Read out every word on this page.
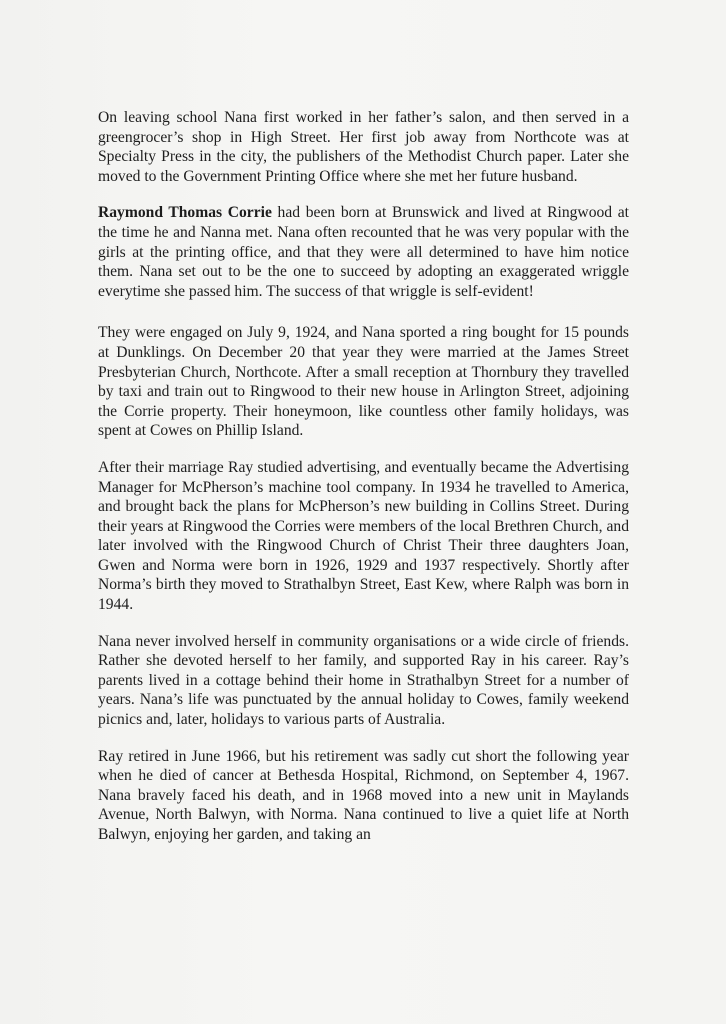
On leaving school Nana first worked in her father’s salon, and then served in a greengrocer’s shop in High Street. Her first job away from Northcote was at Specialty Press in the city, the publishers of the Methodist Church paper. Later she moved to the Government Printing Office where she met her future husband.

Raymond Thomas Corrie had been born at Brunswick and lived at Ringwood at the time he and Nanna met. Nana often recounted that he was very popular with the girls at the printing office, and that they were all determined to have him notice them. Nana set out to be the one to succeed by adopting an exaggerated wriggle everytime she passed him. The success of that wriggle is self-evident!

They were engaged on July 9, 1924, and Nana sported a ring bought for 15 pounds at Dunklings. On December 20 that year they were married at the James Street Presbyterian Church, Northcote. After a small reception at Thornbury they travelled by taxi and train out to Ringwood to their new house in Arlington Street, adjoining the Corrie property. Their honeymoon, like countless other family holidays, was spent at Cowes on Phillip Island.

After their marriage Ray studied advertising, and eventually became the Advertising Manager for McPherson’s machine tool company. In 1934 he travelled to America, and brought back the plans for McPherson’s new building in Collins Street. During their years at Ringwood the Corries were members of the local Brethren Church, and later involved with the Ringwood Church of Christ Their three daughters Joan, Gwen and Norma were born in 1926, 1929 and 1937 respectively. Shortly after Norma’s birth they moved to Strathalbyn Street, East Kew, where Ralph was born in 1944.

Nana never involved herself in community organisations or a wide circle of friends. Rather she devoted herself to her family, and supported Ray in his career. Ray’s parents lived in a cottage behind their home in Strathalbyn Street for a number of years. Nana’s life was punctuated by the annual holiday to Cowes, family weekend picnics and, later, holidays to various parts of Australia.

Ray retired in June 1966, but his retirement was sadly cut short the following year when he died of cancer at Bethesda Hospital, Richmond, on September 4, 1967. Nana bravely faced his death, and in 1968 moved into a new unit in Maylands Avenue, North Balwyn, with Norma. Nana continued to live a quiet life at North Balwyn, enjoying her garden, and taking an
